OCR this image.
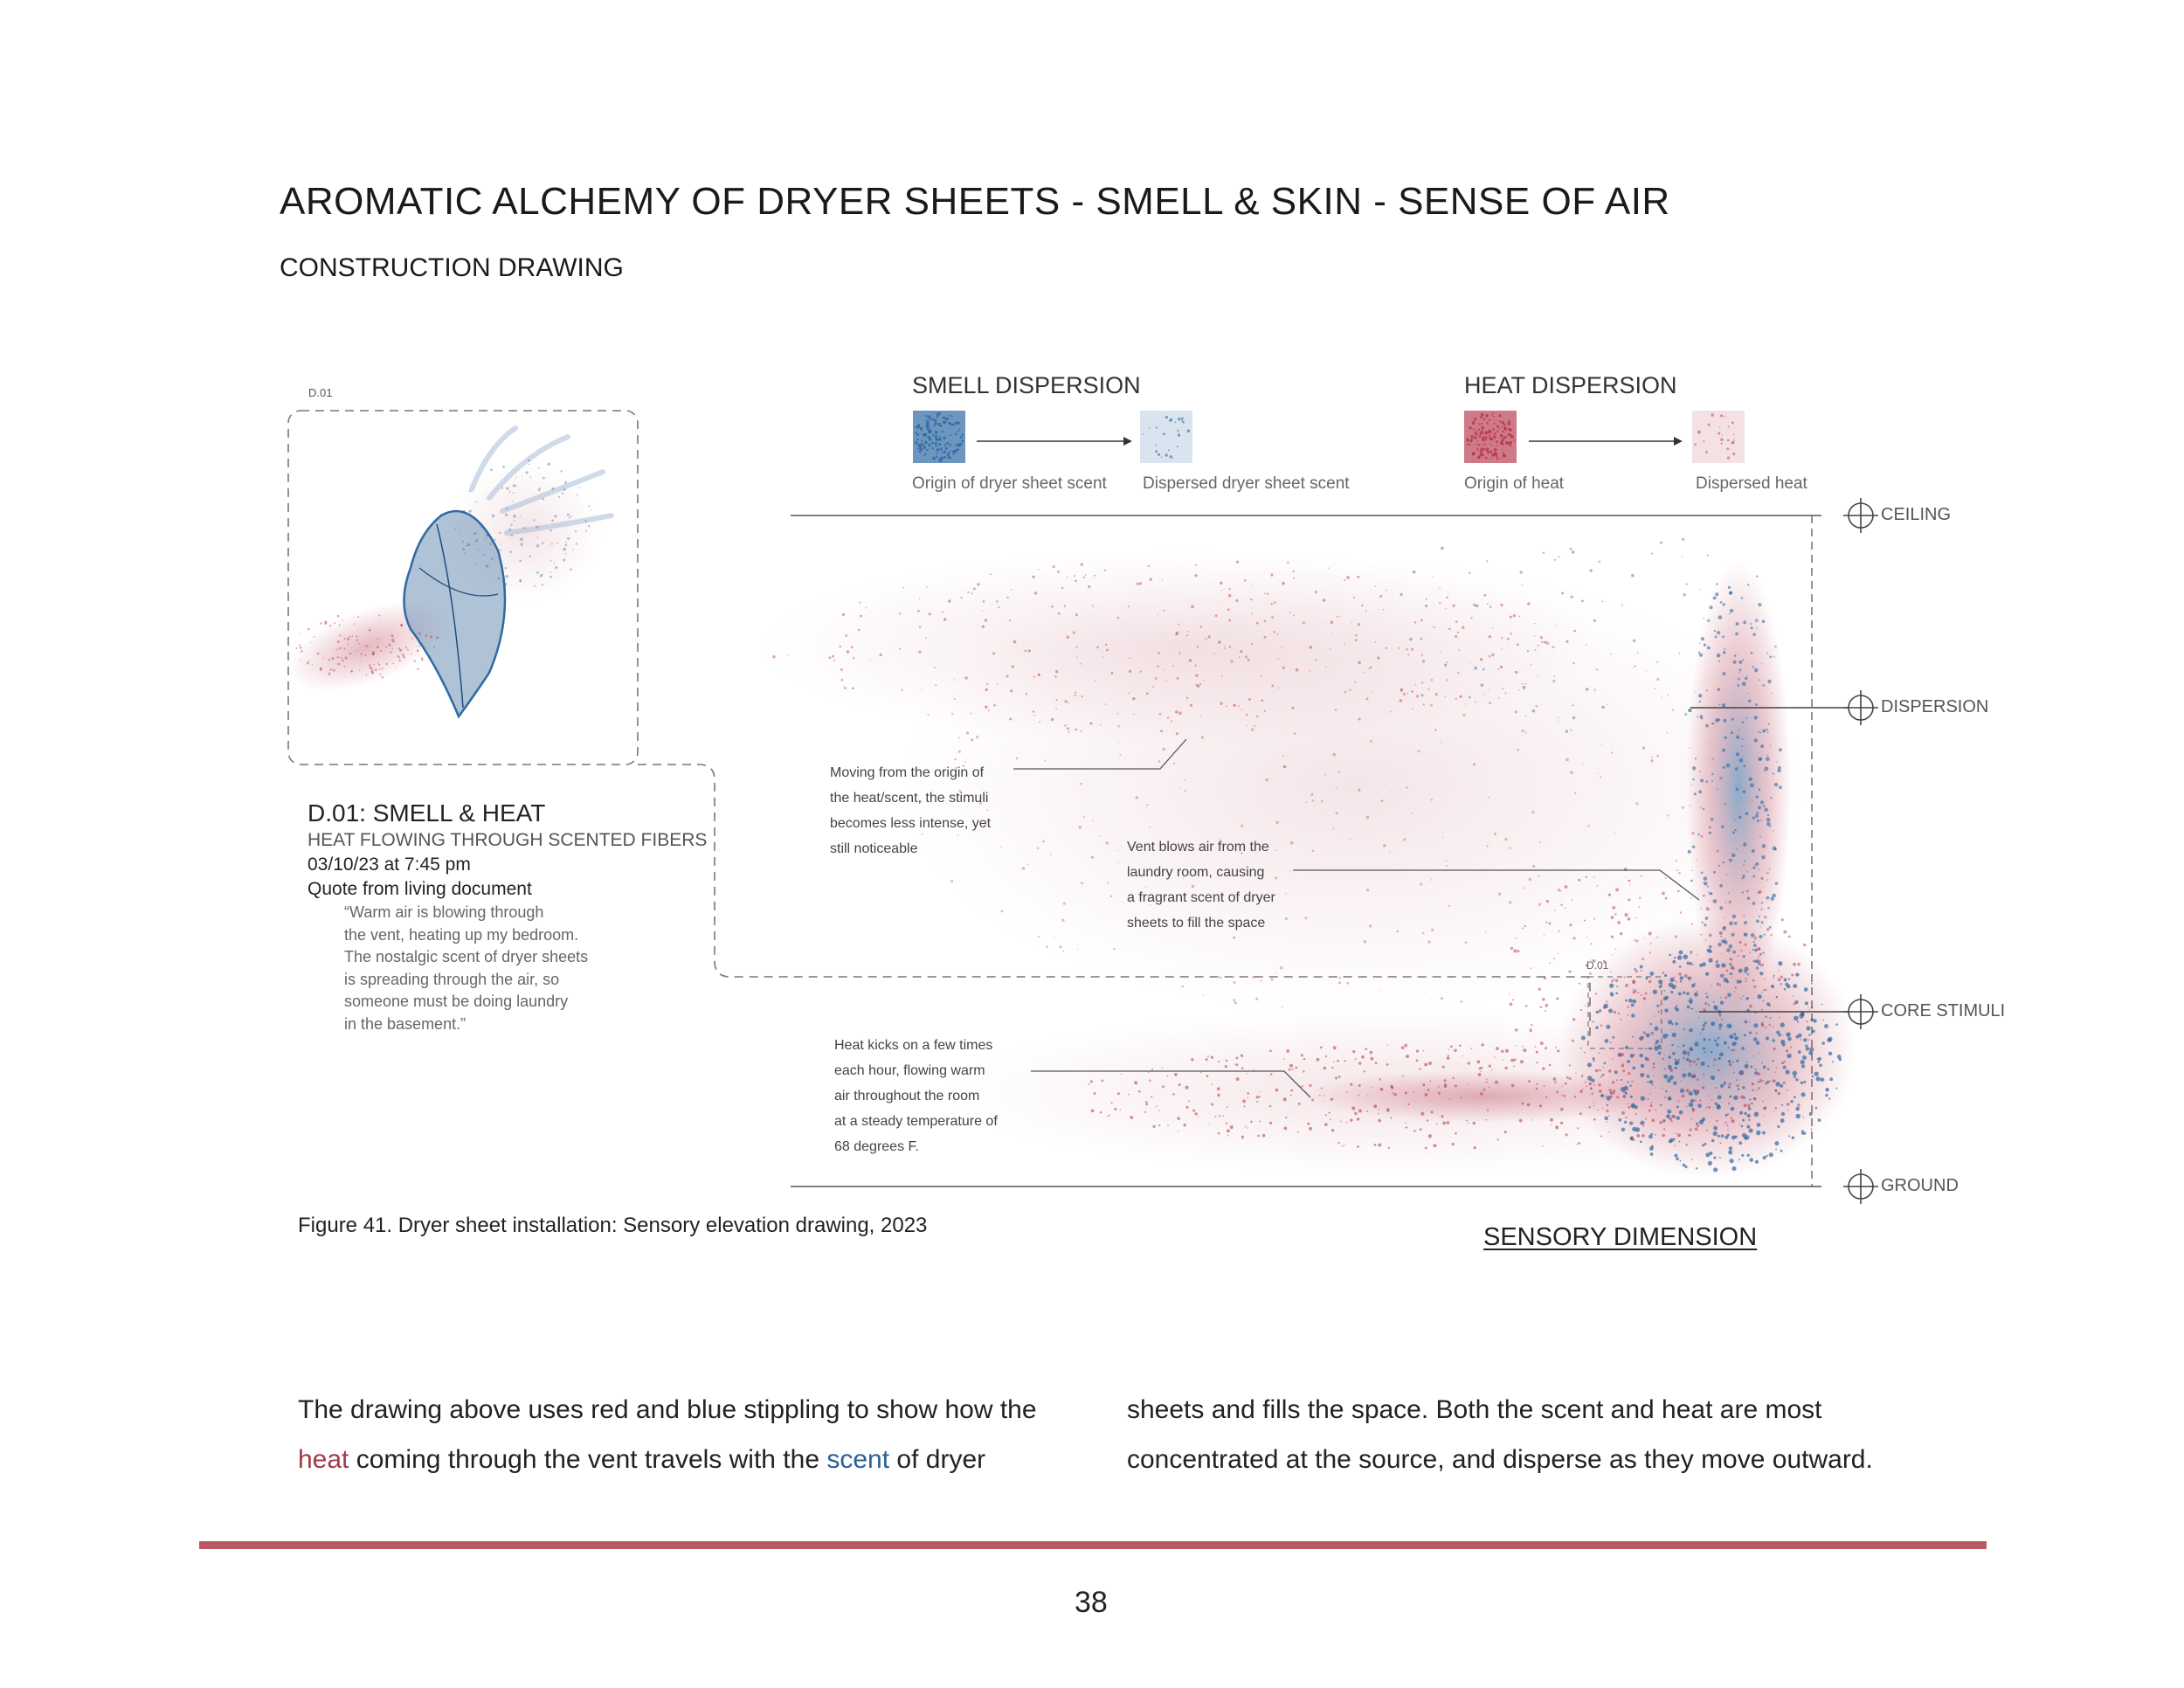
AROMATIC ALCHEMY OF DRYER SHEETS - SMELL & SKIN - SENSE OF AIR
CONSTRUCTION DRAWING
D.01
D.01: SMELL & HEAT
HEAT FLOWING THROUGH SCENTED FIBERS
03/10/23 at 7:45 pm
Quote from living document
“Warm air is blowing through
the vent, heating up my bedroom.
The nostalgic scent of dryer sheets
is spreading through the air, so
someone must be doing laundry
in the basement.”
SMELL DISPERSION	HEAT DISPERSION
Origin of dryer sheet scent Dispersed dryer sheet scent	Origin of heat	Dispersed heat
Moving from the origin of
the heat/scent, the stimuli
becomes less intense, yet
still noticeable	Vent blows air from the
laundry room, causing
a fragrant scent of dryer
sheets to fill the space
Heat kicks on a few times
each hour, flowing warm
air throughout the room
at a steady temperature of
68 degrees F.
D.01
CEILING
DISPERSION
CORE STIMULI
GROUND
Figure 41. Dryer sheet installation: Sensory elevation drawing, 2023	SENSORY DIMENSION
The drawing above uses red and blue stippling to show how the
heat coming through the vent travels with the scent of dryer
sheets and fills the space. Both the scent and heat are most
concentrated at the source, and disperse as they move outward.
38
